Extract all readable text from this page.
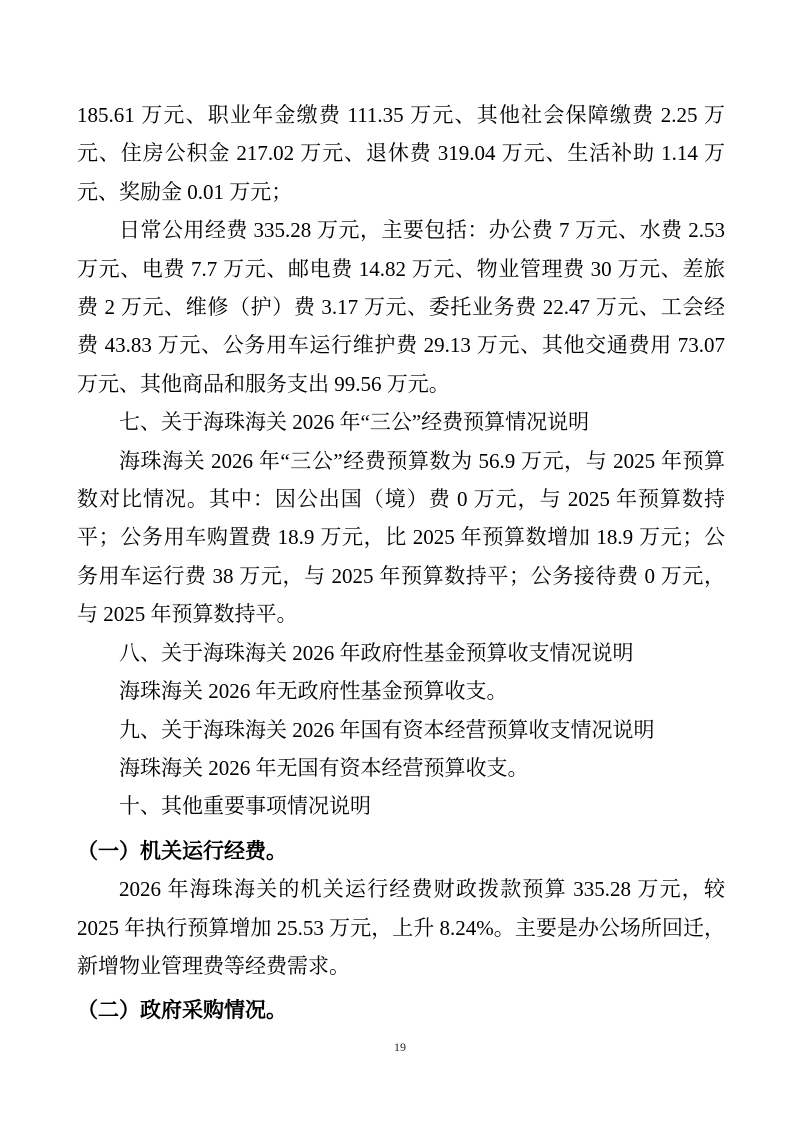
185.61 万元、职业年金缴费 111.35 万元、其他社会保障缴费 2.25 万元、住房公积金 217.02 万元、退休费 319.04 万元、生活补助 1.14 万元、奖励金 0.01 万元；

日常公用经费 335.28 万元，主要包括：办公费 7 万元、水费 2.53 万元、电费 7.7 万元、邮电费 14.82 万元、物业管理费 30 万元、差旅费 2 万元、维修（护）费 3.17 万元、委托业务费 22.47 万元、工会经费 43.83 万元、公务用车运行维护费 29.13 万元、其他交通费用 73.07 万元、其他商品和服务支出 99.56 万元。

七、关于海珠海关 2026 年“三公”经费预算情况说明

海珠海关 2026 年“三公”经费预算数为 56.9 万元，与 2025 年预算数对比情况。其中：因公出国（境）费 0 万元，与 2025 年预算数持平；公务用车购置费 18.9 万元，比 2025 年预算数增加 18.9 万元；公务用车运行费 38 万元，与 2025 年预算数持平；公务接待费 0 万元，与 2025 年预算数持平。

八、关于海珠海关 2026 年政府性基金预算收支情况说明

海珠海关 2026 年无政府性基金预算收支。

九、关于海珠海关 2026 年国有资本经营预算收支情况说明

海珠海关 2026 年无国有资本经营预算收支。

十、其他重要事项情况说明

（一）机关运行经费。

2026 年海珠海关的机关运行经费财政拨款预算 335.28 万元，较 2025 年执行预算增加 25.53 万元，上升 8.24%。主要是办公场所回迁，新增物业管理费等经费需求。

（二）政府采购情况。

19
